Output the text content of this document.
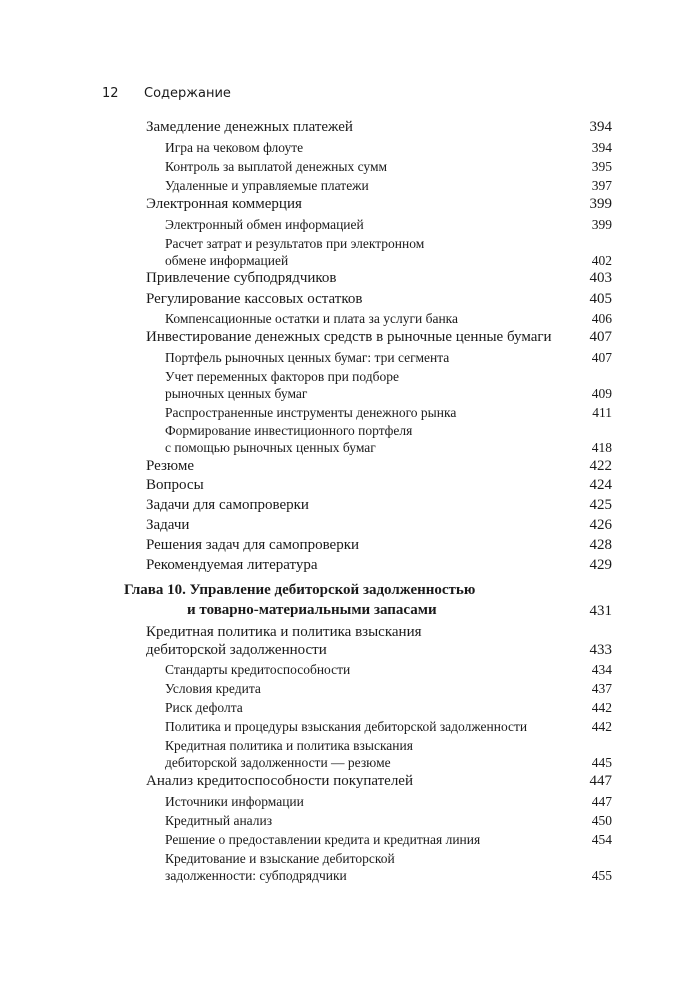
12 Содержание
Замедление денежных платежей	394
Игра на чековом флоуте	394
Контроль за выплатой денежных сумм	395
Удаленные и управляемые платежи	397
Электронная коммерция	399
Электронный обмен информацией	399
Расчет затрат и результатов при электронном
обмене информацией	402
Привлечение субподрядчиков	403
Регулирование кассовых остатков	405
Компенсационные остатки и плата за услуги банка	406
Инвестирование денежных средств в рыночные ценные бумаги	407
Портфель рыночных ценных бумаг: три сегмента	407
Учет переменных факторов при подборе
рыночных ценных бумаг	409
Распространенные инструменты денежного рынка	411
Формирование инвестиционного портфеля
с помощью рыночных ценных бумаг	418
Резюме	422
Вопросы	424
Задачи для самопроверки	425
Задачи	426
Решения задач для самопроверки	428
Рекомендуемая литература	429
Глава 10. Управление дебиторской задолженностью
и товарно-материальными запасами	431
Кредитная политика и политика взыскания
дебиторской задолженности	433
Стандарты кредитоспособности	434
Условия кредита	437
Риск дефолта	442
Политика и процедуры взыскания дебиторской задолженности	442
Кредитная политика и политика взыскания
дебиторской задолженности — резюме	445
Анализ кредитоспособности покупателей	447
Источники информации	447
Кредитный анализ	450
Решение о предоставлении кредита и кредитная линия	454
Кредитование и взыскание дебиторской
задолженности: субподрядчики	455
